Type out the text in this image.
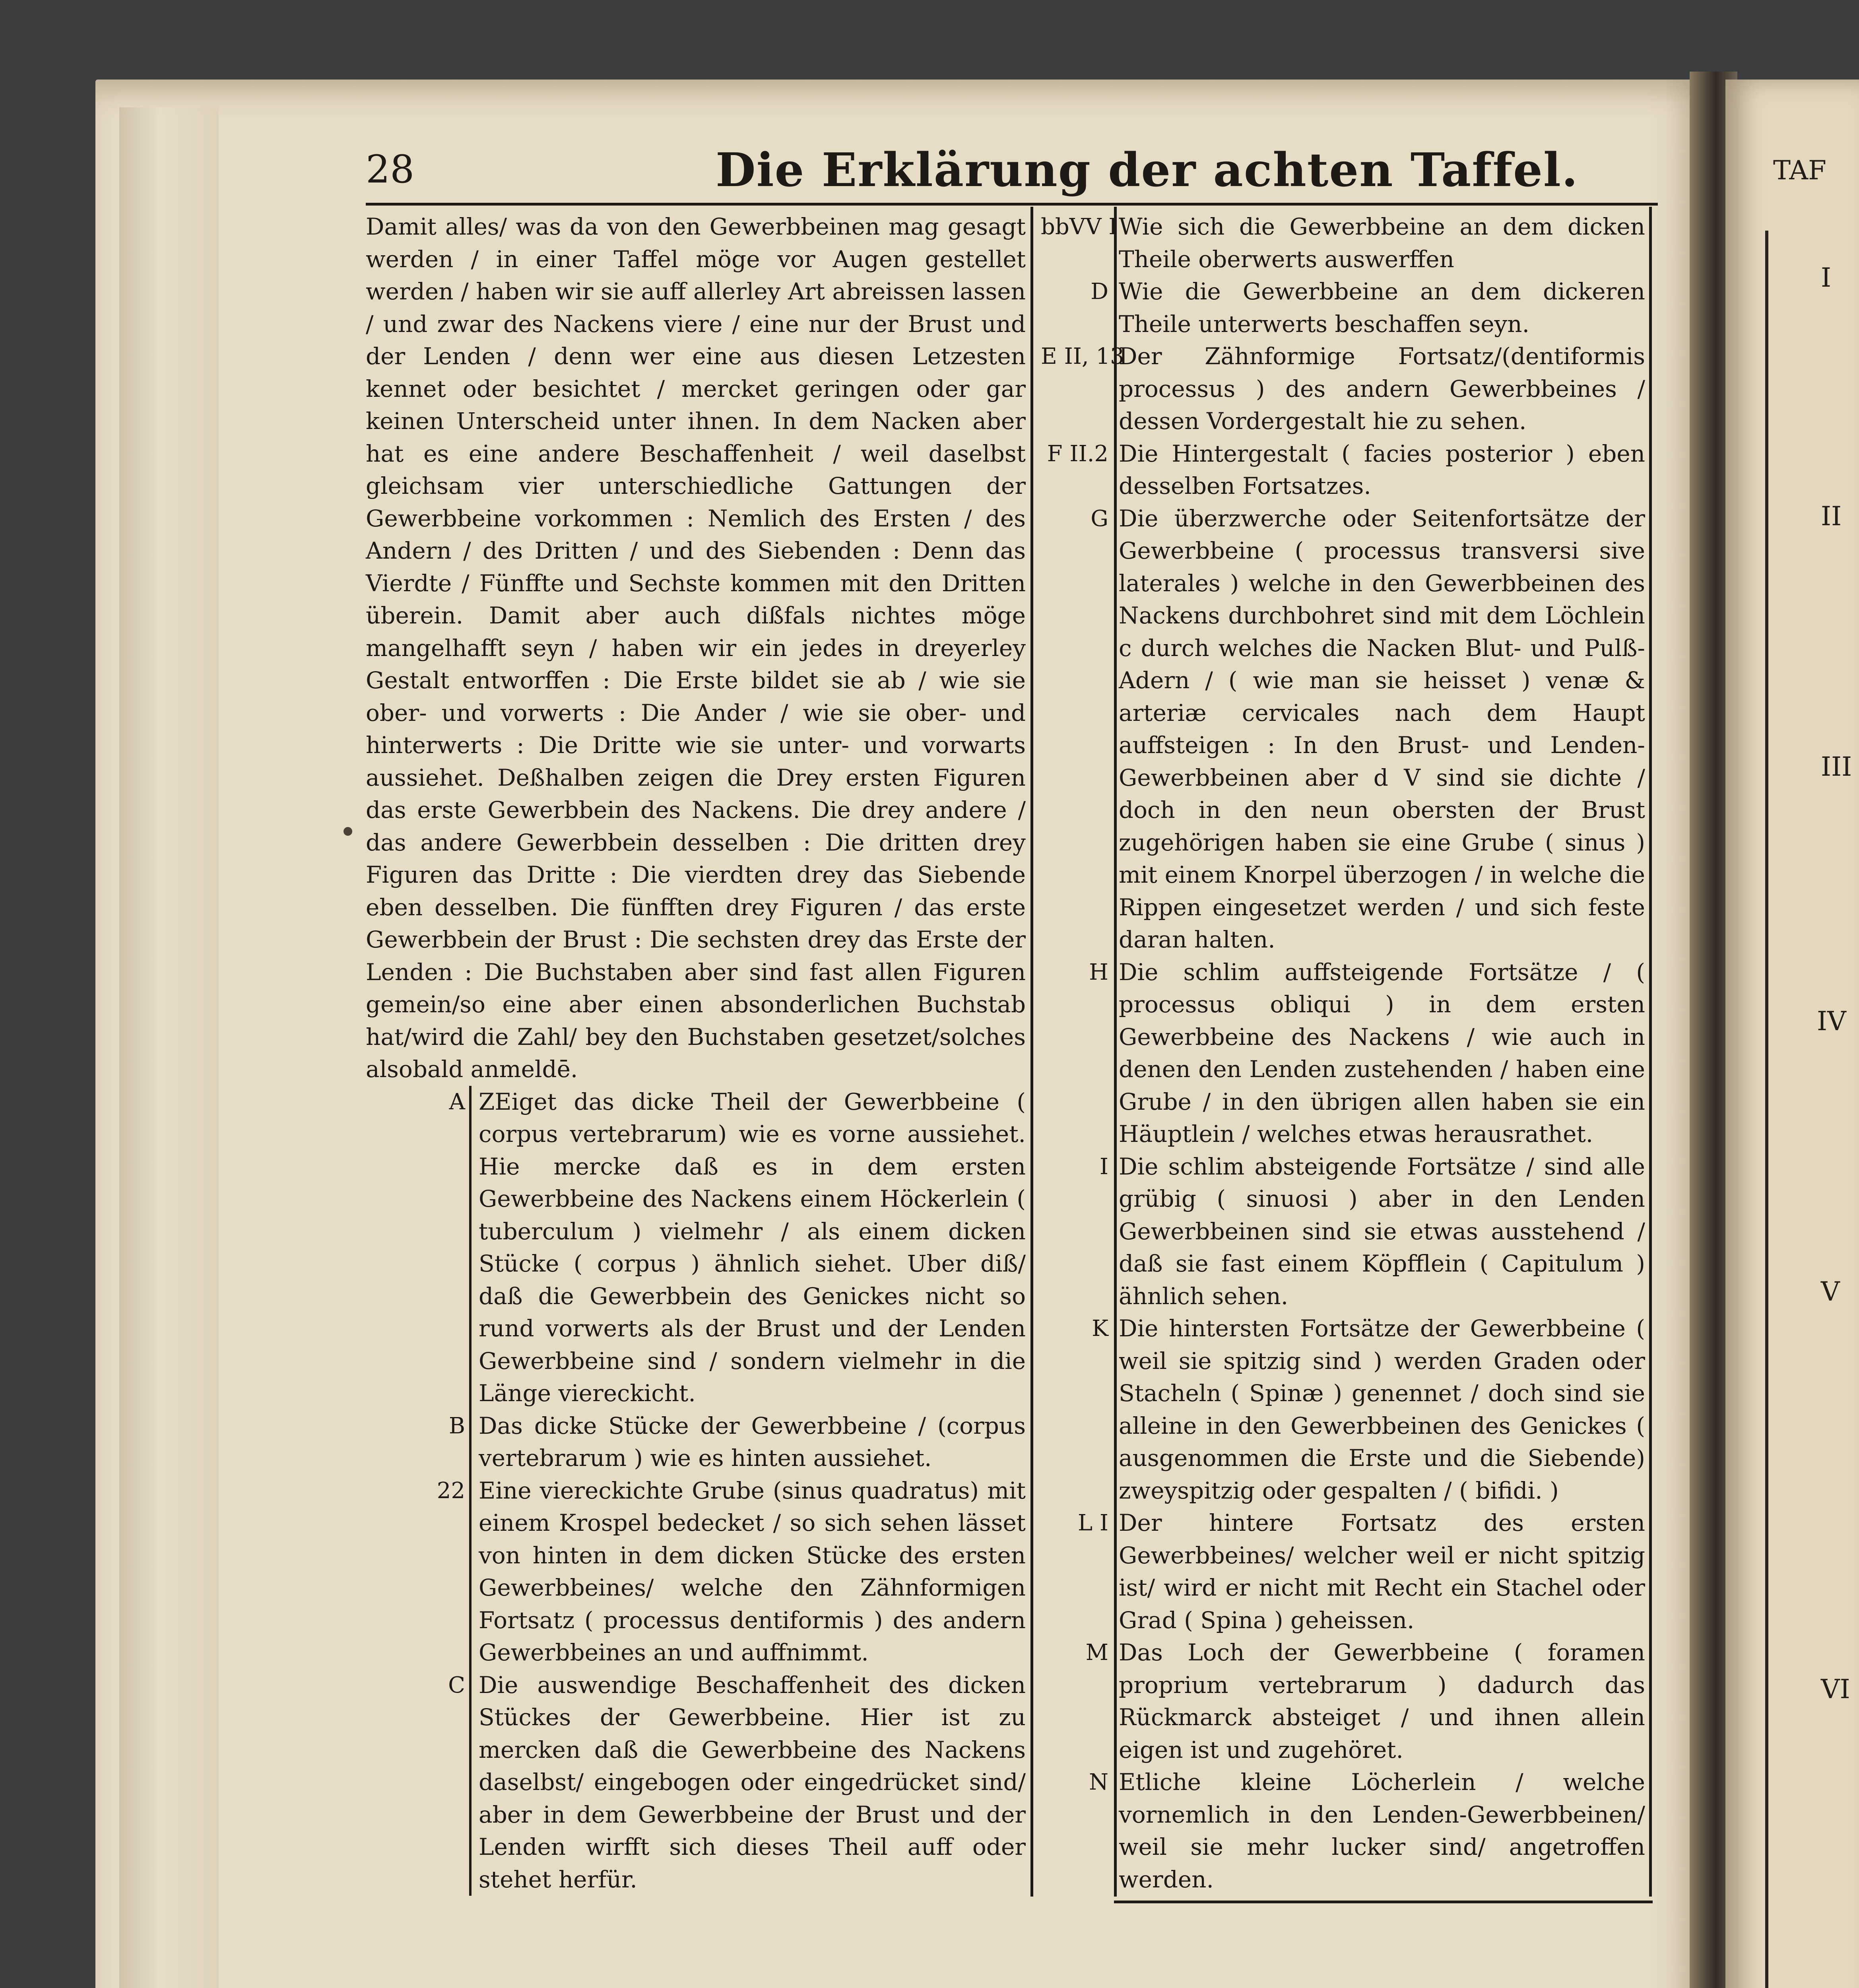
TAF
I
II
III
IV
V
VI
28	Die Erklärung der achten Taffel.

Damit alles/ was da von den Gewerbbeinen mag gesagt werden / in einer Taffel möge vor Augen gestellet werden / haben wir sie auff allerley Art abreissen lassen / und zwar des Nackens viere / eine nur der Brust und der Lenden / denn wer eine aus diesen Letzesten kennet oder besichtet / mercket geringen oder gar keinen Unterscheid unter ihnen. In dem Nacken aber hat es eine andere Beschaffenheit / weil daselbst gleichsam vier unterschiedliche Gattungen der Gewerbbeine vorkommen : Nemlich des Ersten / des Andern / des Dritten / und des Siebenden : Denn das Vierdte / Fünffte und Sechste kommen mit den Dritten überein. Damit aber auch dißfals nichtes möge mangelhafft seyn / haben wir ein jedes in dreyerley Gestalt entworffen : Die Erste bildet sie ab / wie sie ober- und vorwerts : Die Ander / wie sie ober- und hinterwerts : Die Dritte wie sie unter- und vorwarts aussiehet. Deßhalben zeigen die Drey ersten Figuren das erste Gewerbbein des Nackens. Die drey andere / das andere Gewerbbein desselben : Die dritten drey Figuren das Dritte : Die vierdten drey das Siebende eben desselben. Die fünfften drey Figuren / das erste Gewerbbein der Brust : Die sechsten drey das Erste der Lenden : Die Buchstaben aber sind fast allen Figuren gemein/so eine aber einen absonderlichen Buchstab hat/wird die Zahl/ bey den Buchstaben gesetzet/solches alsobald anmeldē.

A ZEiget das dicke Theil der Gewerbbeine ( corpus vertebrarum) wie es vorne aussiehet. Hie mercke daß es in dem ersten Gewerbbeine des Nackens einem Höckerlein ( tuberculum ) vielmehr / als einem dicken Stücke ( corpus ) ähnlich siehet. Uber diß/ daß die Gewerbbein des Genickes nicht so rund vorwerts als der Brust und der Lenden Gewerbbeine sind / sondern vielmehr in die Länge viereckicht.
B Das dicke Stücke der Gewerbbeine / (corpus vertebrarum ) wie es hinten aussiehet.
22 Eine viereckichte Grube (sinus quadratus) mit einem Krospel bedecket / so sich sehen lässet von hinten in dem dicken Stücke des ersten Gewerbbeines/ welche den Zähnformigen Fortsatz ( processus dentiformis ) des andern Gewerbbeines an und auffnimmt.
C Die auswendige Beschaffenheit des dicken Stückes der Gewerbbeine. Hier ist zu mercken daß die Gewerbbeine des Nackens daselbst/ eingebogen oder eingedrücket sind/ aber in dem Gewerbbeine der Brust und der Lenden wirfft sich dieses Theil auff oder stehet herfür.
bbVV I Wie sich die Gewerbbeine an dem dicken Theile oberwerts auswerffen
D Wie die Gewerbbeine an dem dickeren Theile unterwerts beschaffen seyn.
E II, 13
Der Zähnformige Fortsatz/(dentiformis processus ) des andern Gewerbbeines / dessen Vordergestalt hie zu sehen.
F II.2 Die Hintergestalt ( facies posterior ) eben desselben Fortsatzes.
G Die überzwerche oder Seitenfortsätze der Gewerbbeine ( processus transversi sive laterales ) welche in den Gewerbbeinen des Nackens durchbohret sind mit dem Löchlein c durch welches die Nacken Blut- und Pulß-Adern / ( wie man sie heisset ) venæ & arteriæ cervicales nach dem Haupt auffsteigen : In den Brust- und Lenden-Gewerbbeinen aber d V sind sie dichte / doch in den neun obersten der Brust zugehörigen haben sie eine Grube ( sinus ) mit einem Knorpel überzogen / in welche die Rippen eingesetzet werden / und sich feste daran halten.
H Die schlim auffsteigende Fortsätze / ( processus obliqui ) in dem ersten Gewerbbeine des Nackens / wie auch in denen den Lenden zustehenden / haben eine Grube / in den übrigen allen haben sie ein Häuptlein / welches etwas herausrathet.
I Die schlim absteigende Fortsätze / sind alle grübig ( sinuosi ) aber in den Lenden Gewerbbeinen sind sie etwas ausstehend / daß sie fast einem Köpfflein ( Capitulum ) ähnlich sehen.
K Die hintersten Fortsätze der Gewerbbeine ( weil sie spitzig sind ) werden Graden oder Stacheln ( Spinæ ) genennet / doch sind sie alleine in den Gewerbbeinen des Genickes ( ausgenommen die Erste und die Siebende) zweyspitzig oder gespalten / ( bifidi. )
L I Der hintere Fortsatz des ersten Gewerbbeines/ welcher weil er nicht spitzig ist/ wird er nicht mit Recht ein Stachel oder Grad ( Spina ) geheissen.
M Das Loch der Gewerbbeine ( foramen proprium vertebrarum ) dadurch das Rückmarck absteiget / und ihnen allein eigen ist und zugehöret.
N Etliche kleine Löcherlein / welche vornemlich in den Lenden-Gewerbbeinen/ weil sie mehr lucker sind/ angetroffen werden.
